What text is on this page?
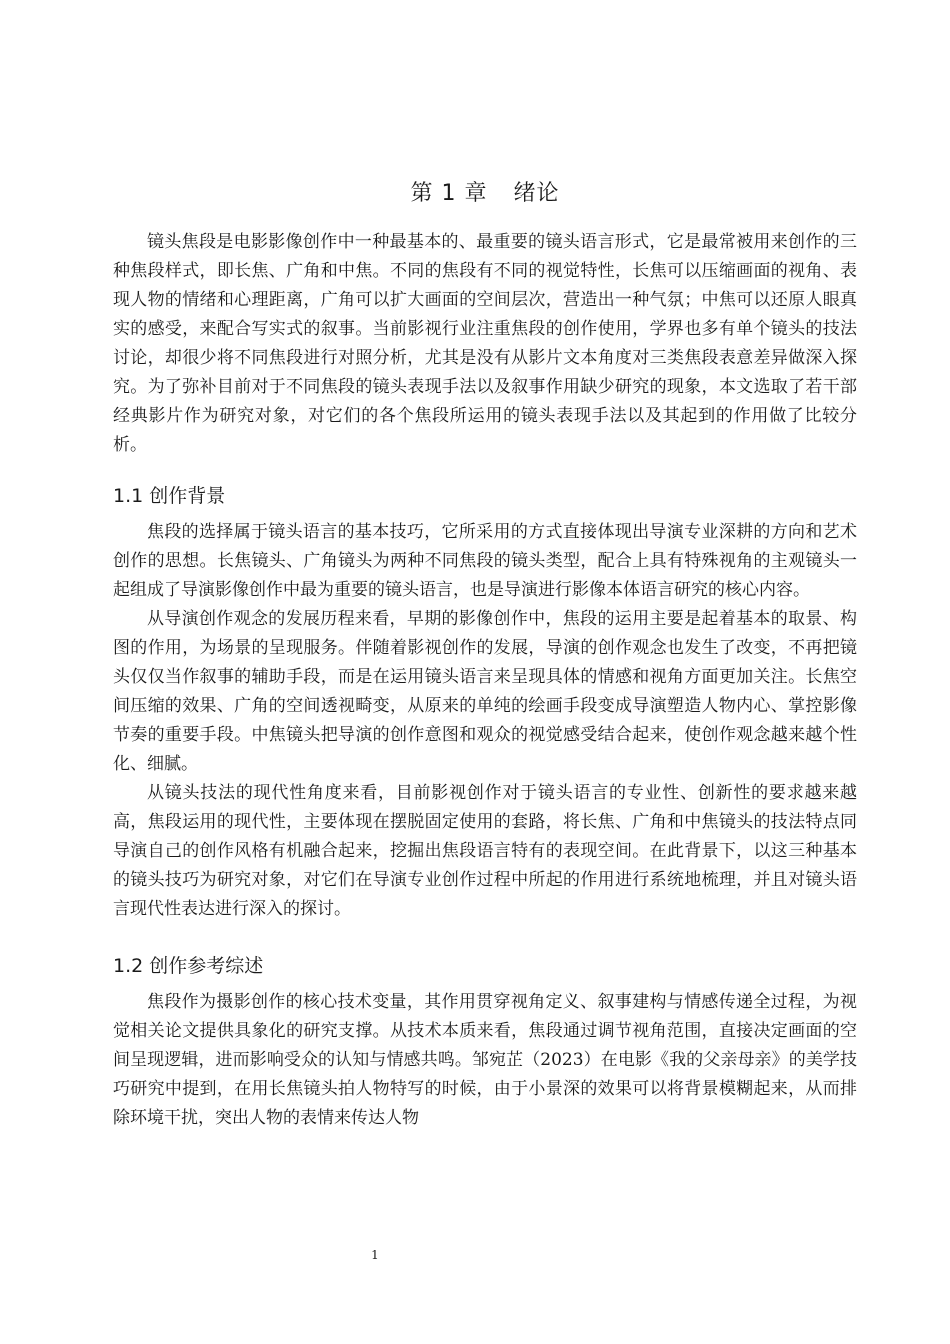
第 1 章 绪论

镜头焦段是电影影像创作中一种最基本的、最重要的镜头语言形式，它是最常被用来创作的三种焦段样式，即长焦、广角和中焦。不同的焦段有不同的视觉特性，长焦可以压缩画面的视角、表现人物的情绪和心理距离，广角可以扩大画面的空间层次，营造出一种气氛；中焦可以还原人眼真实的感受，来配合写实式的叙事。当前影视行业注重焦段的创作使用，学界也多有单个镜头的技法讨论，却很少将不同焦段进行对照分析，尤其是没有从影片文本角度对三类焦段表意差异做深入探究。为了弥补目前对于不同焦段的镜头表现手法以及叙事作用缺少研究的现象，本文选取了若干部经典影片作为研究对象，对它们的各个焦段所运用的镜头表现手法以及其起到的作用做了比较分析。

1.1 创作背景

焦段的选择属于镜头语言的基本技巧，它所采用的方式直接体现出导演专业深耕的方向和艺术创作的思想。长焦镜头、广角镜头为两种不同焦段的镜头类型，配合上具有特殊视角的主观镜头一起组成了导演影像创作中最为重要的镜头语言，也是导演进行影像本体语言研究的核心内容。

从导演创作观念的发展历程来看，早期的影像创作中，焦段的运用主要是起着基本的取景、构图的作用，为场景的呈现服务。伴随着影视创作的发展，导演的创作观念也发生了改变，不再把镜头仅仅当作叙事的辅助手段，而是在运用镜头语言来呈现具体的情感和视角方面更加关注。长焦空间压缩的效果、广角的空间透视畸变，从原来的单纯的绘画手段变成导演塑造人物内心、掌控影像节奏的重要手段。中焦镜头把导演的创作意图和观众的视觉感受结合起来，使创作观念越来越个性化、细腻。

从镜头技法的现代性角度来看，目前影视创作对于镜头语言的专业性、创新性的要求越来越高，焦段运用的现代性，主要体现在摆脱固定使用的套路，将长焦、广角和中焦镜头的技法特点同导演自己的创作风格有机融合起来，挖掘出焦段语言特有的表现空间。在此背景下，以这三种基本的镜头技巧为研究对象，对它们在导演专业创作过程中所起的作用进行系统地梳理，并且对镜头语言现代性表达进行深入的探讨。

1.2 创作参考综述

焦段作为摄影创作的核心技术变量，其作用贯穿视角定义、叙事建构与情感传递全过程，为视觉相关论文提供具象化的研究支撑。从技术本质来看，焦段通过调节视角范围，直接决定画面的空间呈现逻辑，进而影响受众的认知与情感共鸣。邹宛芷（2023）在电影《我的父亲母亲》的美学技巧研究中提到，在用长焦镜头拍人物特写的时候，由于小景深的效果可以将背景模糊起来，从而排除环境干扰，突出人物的表情来传达人物

1
